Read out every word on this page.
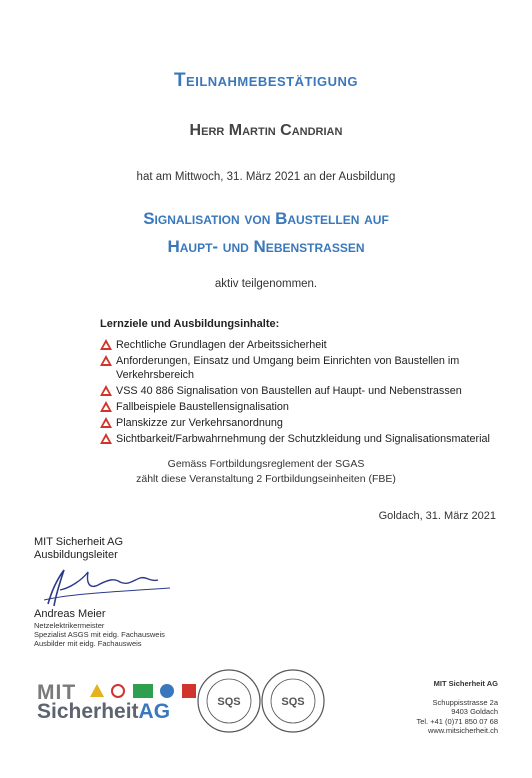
Teilnahmebestätigung
Herr Martin Candrian
hat am Mittwoch, 31. März 2021 an der Ausbildung
Signalisation von Baustellen auf
Haupt- und Nebenstrassen
aktiv teilgenommen.
Lernziele und Ausbildungsinhalte:
Rechtliche Grundlagen der Arbeitssicherheit
Anforderungen, Einsatz und Umgang beim Einrichten von Baustellen im Verkehrsbereich
VSS 40 886 Signalisation von Baustellen auf Haupt- und Nebenstrassen
Fallbeispiele Baustellensignalisation
Planskizze zur Verkehrsanordnung
Sichtbarkeit/Farbwahrnehmung der Schutzkleidung und Signalisationsmaterial
Gemäss Fortbildungsreglement der SGAS
zählt diese Veranstaltung 2 Fortbildungseinheiten (FBE)
Goldach, 31. März 2021
MIT Sicherheit AG
Ausbildungsleiter
Andreas Meier
Netzelektrikermeister
Spezialist ASGS mit eidg. Fachausweis
Ausbilder mit eidg. Fachausweis
MIT

SicherheitAG	SQS	SQS
MIT Sicherheit AG
Schuppisstrasse 2a
9403 Goldach
Tel. +41 (0)71 850 07 68
www.mitsicherheit.ch
